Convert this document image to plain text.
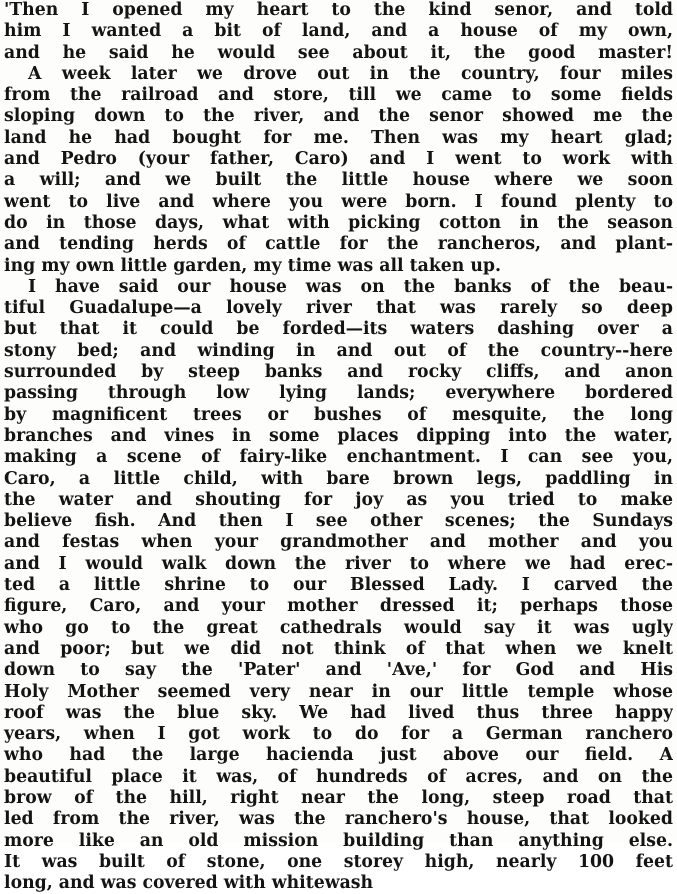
'Then I opened my heart to the kind senor, and told
him I wanted a bit of land, and a house of my own,
and he said he would see about it, the good master!
A week later we drove out in the country, four miles
from the railroad and store, till we came to some fields
sloping down to the river, and the senor showed me the
land he had bought for me. Then was my heart glad;
and Pedro (your father, Caro) and I went to work with
a will; and we built the little house where we soon
went to live and where you were born. I found plenty to
do in those days, what with picking cotton in the season
and tending herds of cattle for the rancheros, and plant-
ing my own little garden, my time was all taken up.
I have said our house was on the banks of the beau-
tiful Guadalupe—a lovely river that was rarely so deep
but that it could be forded—its waters dashing over a
stony bed; and winding in and out of the country--here
surrounded by steep banks and rocky cliffs, and anon
passing through low lying lands; everywhere bordered
by magnificent trees or bushes of mesquite, the long
branches and vines in some places dipping into the water,
making a scene of fairy-like enchantment. I can see you,
Caro, a little child, with bare brown legs, paddling in
the water and shouting for joy as you tried to make
believe fish. And then I see other scenes; the Sundays
and festas when your grandmother and mother and you
and I would walk down the river to where we had erec-
ted a little shrine to our Blessed Lady. I carved the
figure, Caro, and your mother dressed it; perhaps those
who go to the great cathedrals would say it was ugly
and poor; but we did not think of that when we knelt
down to say the 'Pater' and 'Ave,' for God and His
Holy Mother seemed very near in our little temple whose
roof was the blue sky. We had lived thus three happy
years, when I got work to do for a German ranchero
who had the large hacienda just above our field. A
beautiful place it was, of hundreds of acres, and on the
brow of the hill, right near the long, steep road that
led from the river, was the ranchero's house, that looked
more like an old mission building than anything else.
It was built of stone, one storey high, nearly 100 feet
long, and was covered with whitewash
